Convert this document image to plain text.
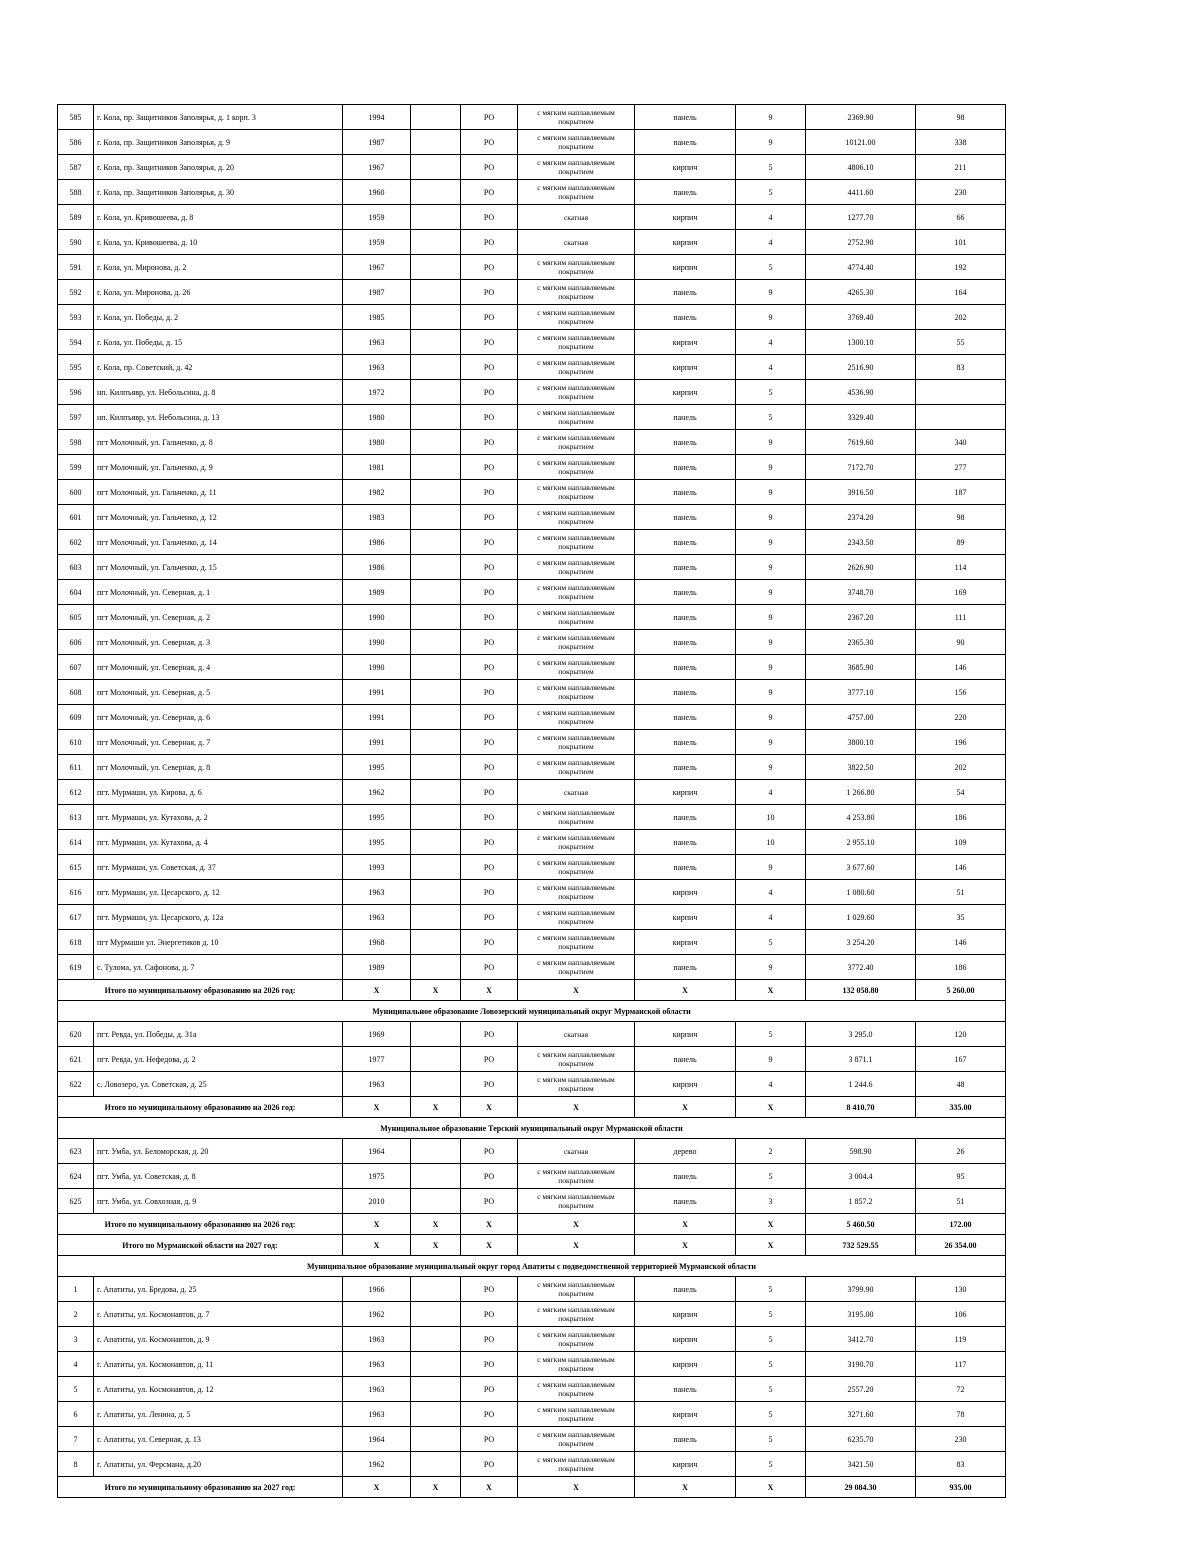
585	г. Кола, пр. Защитников Заполярья, д. 1 корп. 3	1994		РО	с мягким наплавляемым покрытием	панель	9	2369.90	98
586	г. Кола, пр. Защитников Заполярья, д. 9	1987		РО	с мягким наплавляемым покрытием	панель	9	10121.00	338
587	г. Кола, пр. Защитников Заполярья, д. 20	1967		РО	с мягким наплавляемым покрытием	кирпич	5	4806.10	211
588	г. Кола, пр. Защитников Заполярья, д. 30	1960		РО	с мягким наплавляемым покрытием	панель	5	4411.60	230
589	г. Кола, ул. Кривошеева, д. 8	1959		РО	скатная	кирпич	4	1277.70	66
590	г. Кола, ул. Кривошеева, д. 10	1959		РО	скатная	кирпич	4	2752.90	101
591	г. Кола, ул. Миронова, д. 2	1967		РО	с мягким наплавляемым покрытием	кирпич	5	4774.40	192
592	г. Кола, ул. Миронова, д. 26	1987		РО	с мягким наплавляемым покрытием	панель	9	4265.30	164
593	г. Кола, ул. Победы, д. 2	1985		РО	с мягким наплавляемым покрытием	панель	9	3769.40	202
594	г. Кола, ул. Победы, д. 15	1963		РО	с мягким наплавляемым покрытием	кирпич	4	1300.10	55
595	г. Кола, пр. Советский, д. 42	1963		РО	с мягким наплавляемым покрытием	кирпич	4	2516.90	83
596	нп. Килпъявр, ул. Небольсина, д. 8	1972		РО	с мягким наплавляемым покрытием	кирпич	5	4536.90	
597	нп. Килпъявр, ул. Небольсина, д. 13	1980		РО	с мягким наплавляемым покрытием	панель	5	3329.40	
598	пгт Молочный, ул. Гальченко, д. 8	1980		РО	с мягким наплавляемым покрытием	панель	9	7619.60	340
599	пгт Молочный, ул. Гальченко, д. 9	1981		РО	с мягким наплавляемым покрытием	панель	9	7172.70	277
600	пгт Молочный, ул. Гальченко, д. 11	1982		РО	с мягким наплавляемым покрытием	панель	9	3916.50	187
601	пгт Молочный, ул. Гальченко, д. 12	1983		РО	с мягким наплавляемым покрытием	панель	9	2374.20	98
602	пгт Молочный, ул. Гальченко, д. 14	1986		РО	с мягким наплавляемым покрытием	панель	9	2343.50	89
603	пгт Молочный, ул. Гальченко, д. 15	1986		РО	с мягким наплавляемым покрытием	панель	9	2626.90	114
604	пгт Молочный, ул. Северная, д. 1	1989		РО	с мягким наплавляемым покрытием	панель	9	3748.70	169
605	пгт Молочный, ул. Северная, д. 2	1990		РО	с мягким наплавляемым покрытием	панель	9	2367.20	111
606	пгт Молочный, ул. Северная, д. 3	1990		РО	с мягким наплавляемым покрытием	панель	9	2365.30	90
607	пгт Молочный, ул. Северная, д. 4	1990		РО	с мягким наплавляемым покрытием	панель	9	3685.90	146
608	пгт Молочный, ул. Северная, д. 5	1991		РО	с мягким наплавляемым покрытием	панель	9	3777.10	156
609	пгт Молочный, ул. Северная, д. 6	1991		РО	с мягким наплавляемым покрытием	панель	9	4757.00	220
610	пгт Молочный, ул. Северная, д. 7	1991		РО	с мягким наплавляемым покрытием	панель	9	3800.10	196
611	пгт Молочный, ул. Северная, д. 8	1995		РО	с мягким наплавляемым покрытием	панель	9	3822.50	202
612	пгт. Мурмаши, ул. Кирова, д. 6	1962		РО	скатная	кирпич	4	1 266.80	54
613	пгт. Мурмаши, ул. Кутахова, д. 2	1995		РО	с мягким наплавляемым покрытием	панель	10	4 253.80	186
614	пгт. Мурмаши, ул. Кутахова, д. 4	1995		РО	с мягким наплавляемым покрытием	панель	10	2 955.10	109
615	пгт. Мурмаши, ул. Советская, д. 37	1993		РО	с мягким наплавляемым покрытием	панель	9	3 677.60	146
616	пгт. Мурмаши, ул. Цесарского, д. 12	1963		РО	с мягким наплавляемым покрытием	кирпич	4	1 080.60	51
617	пгт. Мурмаши, ул. Цесарского, д. 12а	1963		РО	с мягким наплавляемым покрытием	кирпич	4	1 029.60	35
618	пгт Мурмаши ул. Энергетиков д. 10	1968		РО	с мягким наплавляемым покрытием	кирпич	5	3 254.20	146
619	с. Тулома, ул. Сафонова, д. 7	1989		РО	с мягким наплавляемым покрытием	панель	9	3772.40	186
Итого по муниципальному образованию на 2026 год:		X	X	X	X	X	X	132 058.80	5 260.00
Муниципальное образование Ловозерский муниципальный округ Мурманской области									
620	пгт. Ревда, ул. Победы, д. 31а	1969		РО	скатная	кирпич	5	3 295.0	120
621	пгт. Ревда, ул. Нефедова, д. 2	1977		РО	с мягким наплавляемым покрытием	панель	9	3 871.1	167
622	с. Ловозеро, ул. Советская, д. 25	1963		РО	с мягким наплавляемым покрытием	кирпич	4	1 244.6	48
Итого по муниципальному образованию на 2026 год:		X	X	X	X	X	X	8 410.70	335.00
Муниципальное образование Терский муниципальный округ Мурманской области									
623	пгт. Умба, ул. Беломорская, д. 20	1964		РО	скатная	дерево	2	598.90	26
624	пгт. Умба, ул. Советская, д. 8	1975		РО	с мягким наплавляемым покрытием	панель	5	3 004.4	95
625	пгт. Умба, ул. Совхозная, д. 9	2010		РО	с мягким наплавляемым покрытием	панель	3	1 857.2	51
Итого по муниципальному образованию на 2026 год:		X	X	X	X	X	X	5 460.50	172.00
Итого по Мурманской области на 2027 год:		X	X	X	X	X	X	732 529.55	26 354.00
Муниципальное образование муниципальный округ город Апатиты с подведомственной территорией Мурманской области									
1	г. Апатиты, ул. Бредова, д. 25	1966		РО	с мягким наплавляемым покрытием	панель	5	3799.90	130
2	г. Апатиты, ул. Космонавтов, д. 7	1962		РО	с мягким наплавляемым покрытием	кирпич	5	3195.00	106
3	г. Апатиты, ул. Космонавтов, д. 9	1963		РО	с мягким наплавляемым покрытием	кирпич	5	3412.70	119
4	г. Апатиты, ул. Космонавтов, д. 11	1963		РО	с мягким наплавляемым покрытием	кирпич	5	3190.70	117
5	г. Апатиты, ул. Космонавтов, д. 12	1963		РО	с мягким наплавляемым покрытием	панель	5	2557.20	72
6	г. Апатиты, ул. Ленина, д. 5	1963		РО	с мягким наплавляемым покрытием	кирпич	5	3271.60	78
7	г. Апатиты, ул. Северная, д. 13	1964		РО	с мягким наплавляемым покрытием	панель	5	6235.70	230
8	г. Апатиты, ул. Ферсмана, д.20	1962		РО	с мягким наплавляемым покрытием	кирпич	5	3421.50	83
Итого по муниципальному образованию на 2027 год:		X	X	X	X	X	X	29 084.30	935.00
